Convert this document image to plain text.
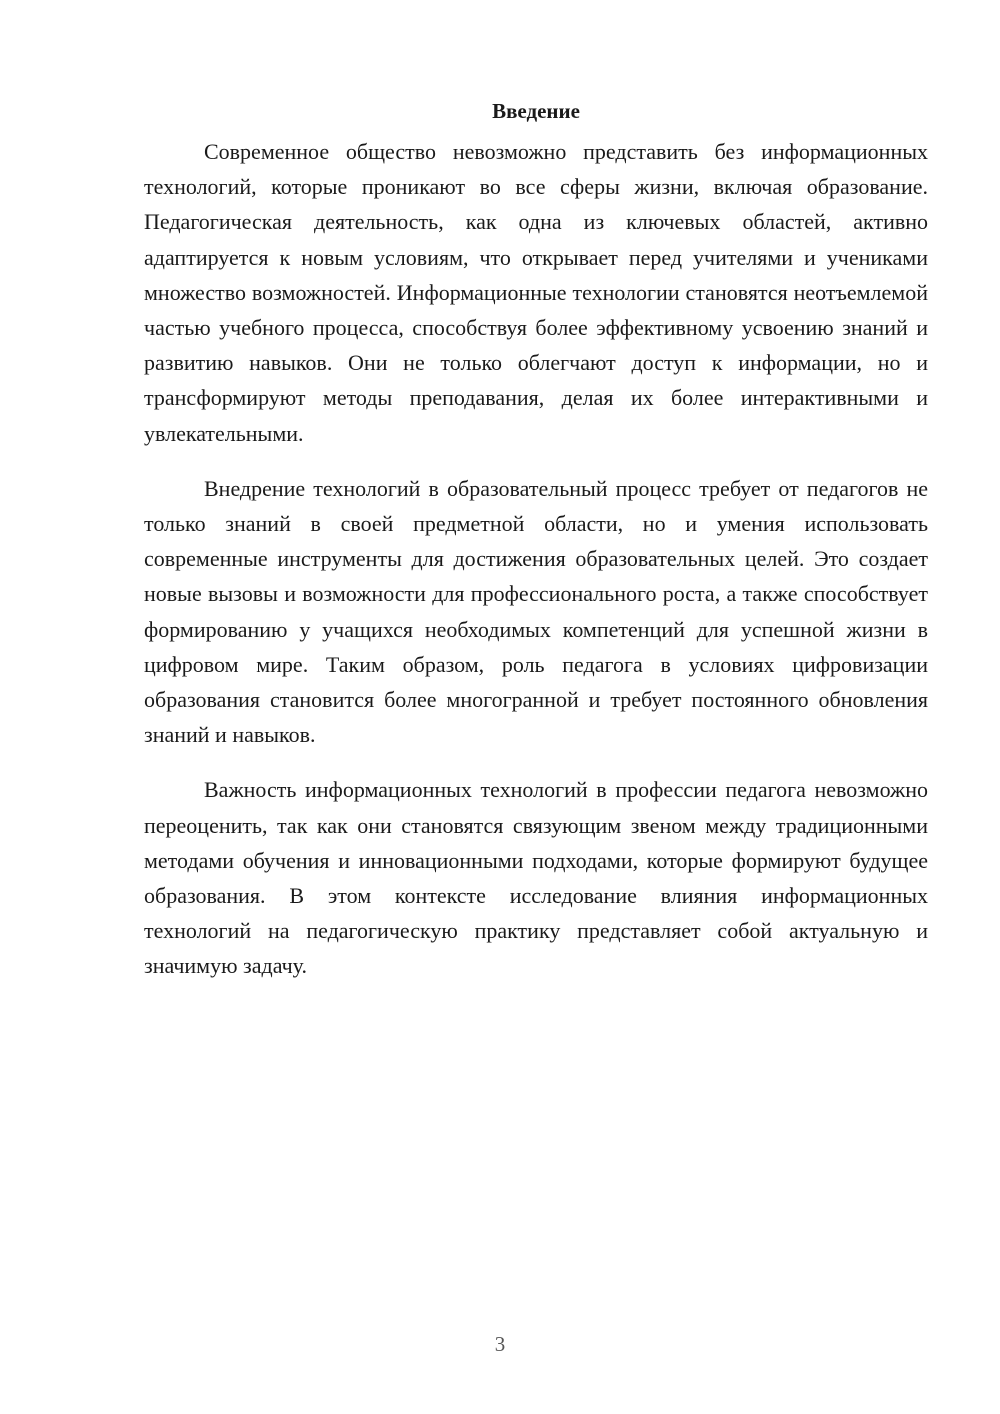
Введение

Современное общество невозможно представить без информационных технологий, которые проникают во все сферы жизни, включая образование. Педагогическая деятельность, как одна из ключевых областей, активно адаптируется к новым условиям, что открывает перед учителями и учениками множество возможностей. Информационные технологии становятся неотъемлемой частью учебного процесса, способствуя более эффективному усвоению знаний и развитию навыков. Они не только облегчают доступ к информации, но и трансформируют методы преподавания, делая их более интерактивными и увлекательными.

Внедрение технологий в образовательный процесс требует от педагогов не только знаний в своей предметной области, но и умения использовать современные инструменты для достижения образовательных целей. Это создает новые вызовы и возможности для профессионального роста, а также способствует формированию у учащихся необходимых компетенций для успешной жизни в цифровом мире. Таким образом, роль педагога в условиях цифровизации образования становится более многогранной и требует постоянного обновления знаний и навыков.

Важность информационных технологий в профессии педагога невозможно переоценить, так как они становятся связующим звеном между традиционными методами обучения и инновационными подходами, которые формируют будущее образования. В этом контексте исследование влияния информационных технологий на педагогическую практику представляет собой актуальную и значимую задачу.

3
